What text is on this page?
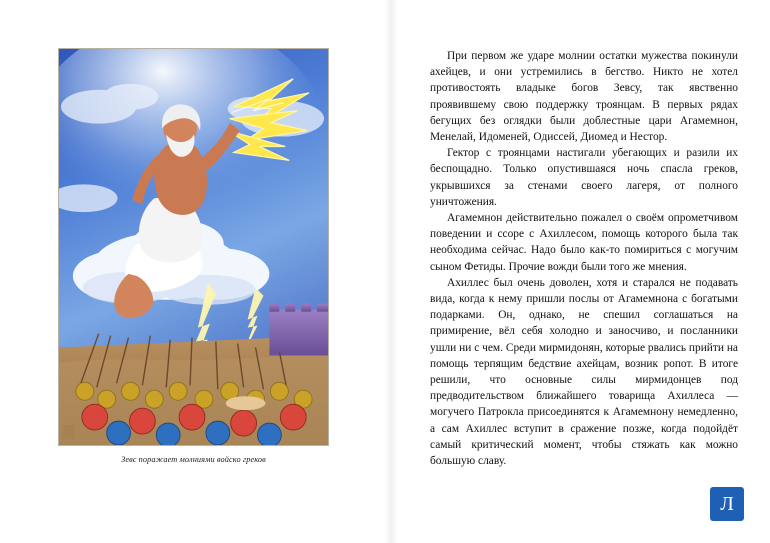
Зевс поражает молниями войско греков

При первом же ударе молнии остатки мужества покинули ахейцев, и они устремились в бегство. Никто не хотел противостоять владыке богов Зевсу, так явственно проявившему свою поддержку троянцам. В первых рядах бегущих без оглядки были доблестные цари Агамемнон, Менелай, Идоменей, Одиссей, Диомед и Нестор.

Гектор с троянцами настигали убегающих и разили их беспощадно. Только опустившаяся ночь спасла греков, укрывшихся за стенами своего лагеря, от полного уничтожения.

Агамемнон действительно пожалел о своём опрометчивом поведении и ссоре с Ахиллесом, помощь которого была так необходима сейчас. Надо было как-то помириться с могучим сыном Фетиды. Прочие вожди были того же мнения.

Ахиллес был очень доволен, хотя и старался не подавать вида, когда к нему пришли послы от Агамемнона с богатыми подарками. Он, однако, не спешил соглашаться на примирение, вёл себя холодно и заносчиво, и посланники ушли ни с чем. Среди мирмидонян, которые рвались прийти на помощь терпящим бедствие ахейцам, возник ропот. В итоге решили, что основные силы мирмидонцев под предводительством ближайшего товарища Ахиллеса — могучего Патрокла присоединятся к Агамемнону немедленно, а сам Ахиллес вступит в сражение позже, когда подойдёт самый критический момент, чтобы стяжать как можно большую славу.

Л
